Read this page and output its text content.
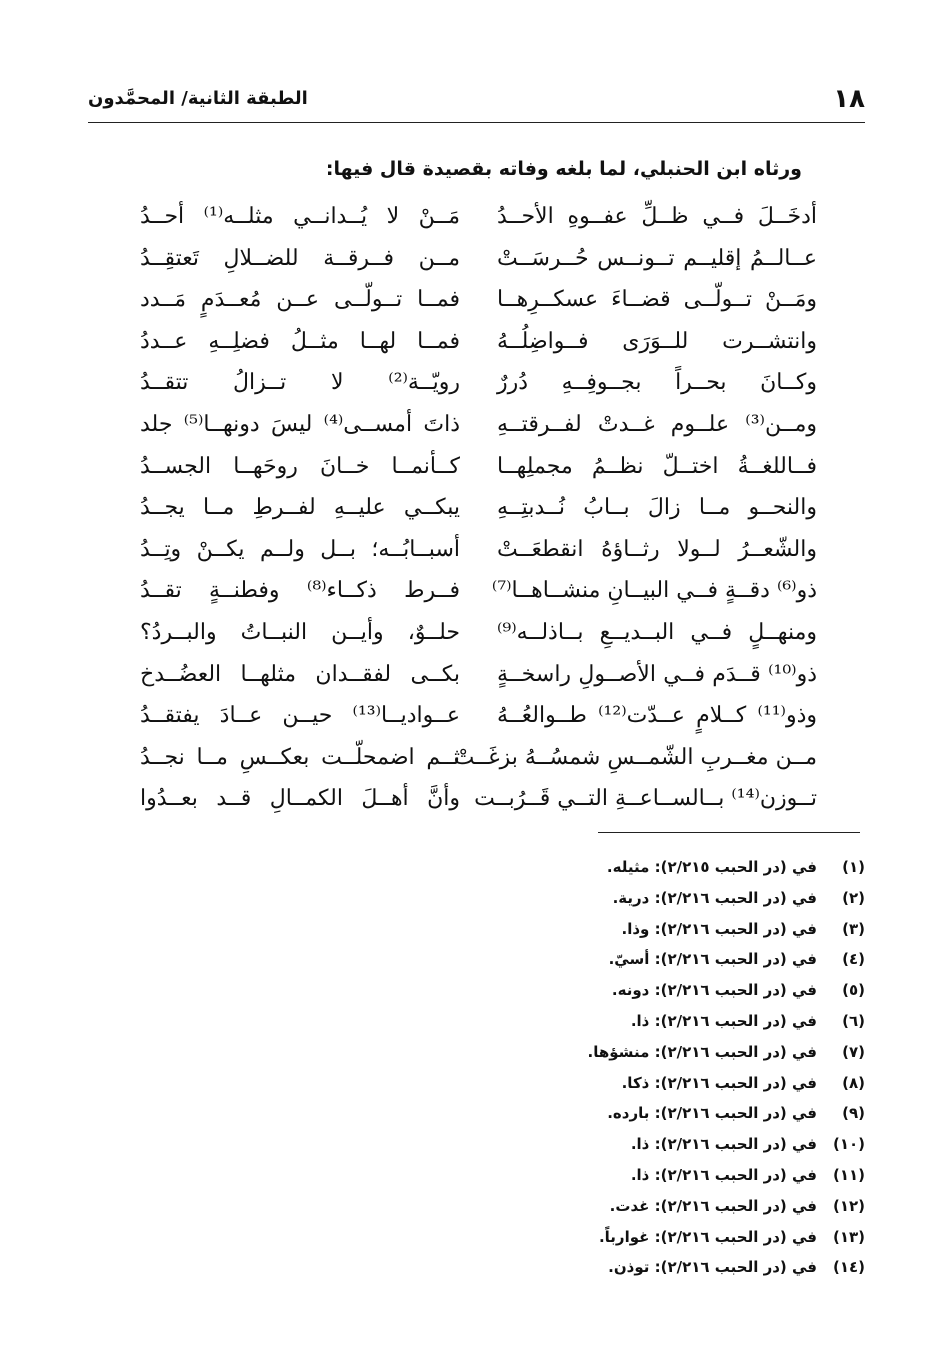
١٨
الطبقة الثانية/ المحمَّدون
ورثاه ابن الحنبلي، لما بلغه وفاته بقصيدة قال فيها:
أدخَــلَ فــي ظــلِّ عفــوهِ الأحــدُ
مَــنْ لا يُــدانــي مثلــه⁽¹⁾ أحــدُ
عــالــمُ إقليــم تــونــس حُــرسَــتْ
مــن فــرقــة للضــلالِ تَعتقِــدُ
ومَــنْ تــولّــى قضــاءَ عسكــرِهــا
فمــا تــولّــى عــن مُعــدَمٍ مَــدد
وانتشــرت للــوَرَى فــواضِلُــهُ
فمــا لهــا مثــلُ فضلِــهِ عــددُ
وكــانَ بحــراً بجــوفِــهِ دُررٌ
رويّــة⁽²⁾ لا تــزالُ تتقــدُ
ومــن⁽³⁾ علــوم غــدتْ لفــرقتــهِ
ذاتَ أمســى⁽⁴⁾ ليسَ دونهــا⁽⁵⁾ جلد
فــاللغــةُ اختــلّ نظــمُ مجملِهــا
كــأنمــا خــانَ روحَهــا الجســدُ
والنحــو مــا زالَ بــابُ نُــدبتِــهِ
يبكــي عليــهِ لفــرطِ مــا يجــدُ
والشّعــرُ لــولا رثــاؤهُ انقطعَــتْ
أسبــابُــه؛ بــل ولــم يكــنْ وتِــدُ
ذو⁽⁶⁾ دقــةٍ فــي البيــانِ منشــاهــا⁽⁷⁾
فــرط ذكــاء⁽⁸⁾ وفطنــةٍ تقــدُ
ومنهــلٍ فــي البــديــعِ بــاذلــه⁽⁹⁾
حلــوٌ، وأيــن النبــاتُ والبــردُ؟
ذو⁽¹⁰⁾ قــدَم فــي الأصــولِ راسخــةٍ
بكــى لفقــدان مثلهــا العضُــدخ
وذو⁽¹¹⁾ كــلامٍ عــدّت⁽¹²⁾ طــوالعُــهُ
عــواديــا⁽¹³⁾ حيــن عــادَ يفتقــدُ
مــن مغــربِ الشّمــسِ شمسُــهُ بزغَــتْ
ثــم اضمحلّــت بعكــسِ مــا نجــدُ
تــوزن⁽¹⁴⁾ بــالســاعــةِ التــي قَــرُبــت
وأنَّ أهــلَ الكمــالِ قــد بعــدُوا
(١)في (در الحبب ٢/٢١٥): مثيله.
(٢)في (در الحبب ٢/٢١٦): درية.
(٣)في (در الحبب ٢/٢١٦): وذا.
(٤)في (در الحبب ٢/٢١٦): أسيّ.
(٥)في (در الحبب ٢/٢١٦): دونه.
(٦)في (در الحبب ٢/٢١٦): ذا.
(٧)في (در الحبب ٢/٢١٦): منشؤها.
(٨)في (در الحبب ٢/٢١٦): ذكا.
(٩)في (در الحبب ٢/٢١٦): بارده.
(١٠)في (در الحبب ٢/٢١٦): ذا.
(١١)في (در الحبب ٢/٢١٦): ذا.
(١٢)في (در الحبب ٢/٢١٦): غدت.
(١٣)في (در الحبب ٢/٢١٦): غوارباً.
(١٤)في (در الحبب ٢/٢١٦): توذن.
